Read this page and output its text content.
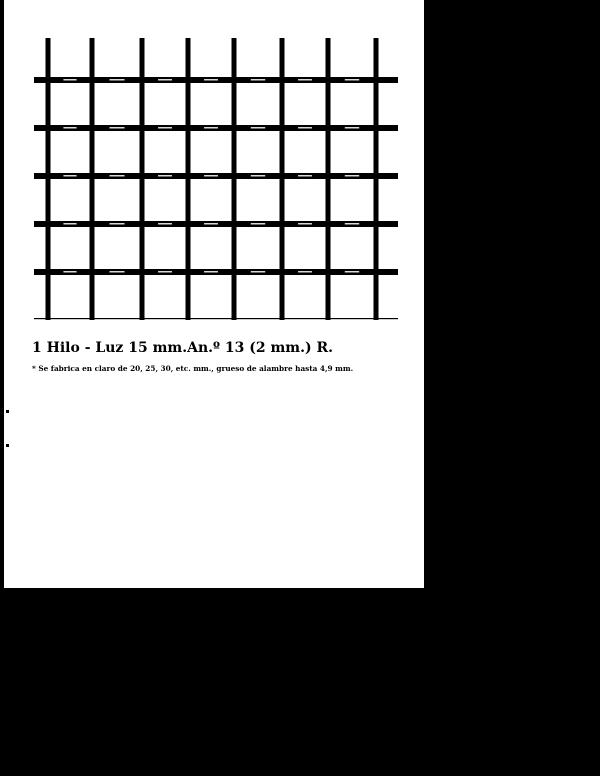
1 Hilo - Luz 15 mm.An.º 13 (2 mm.) R.

* Se fabrica en claro de 20, 25, 30, etc. mm., grueso de alambre hasta 4,9 mm.
